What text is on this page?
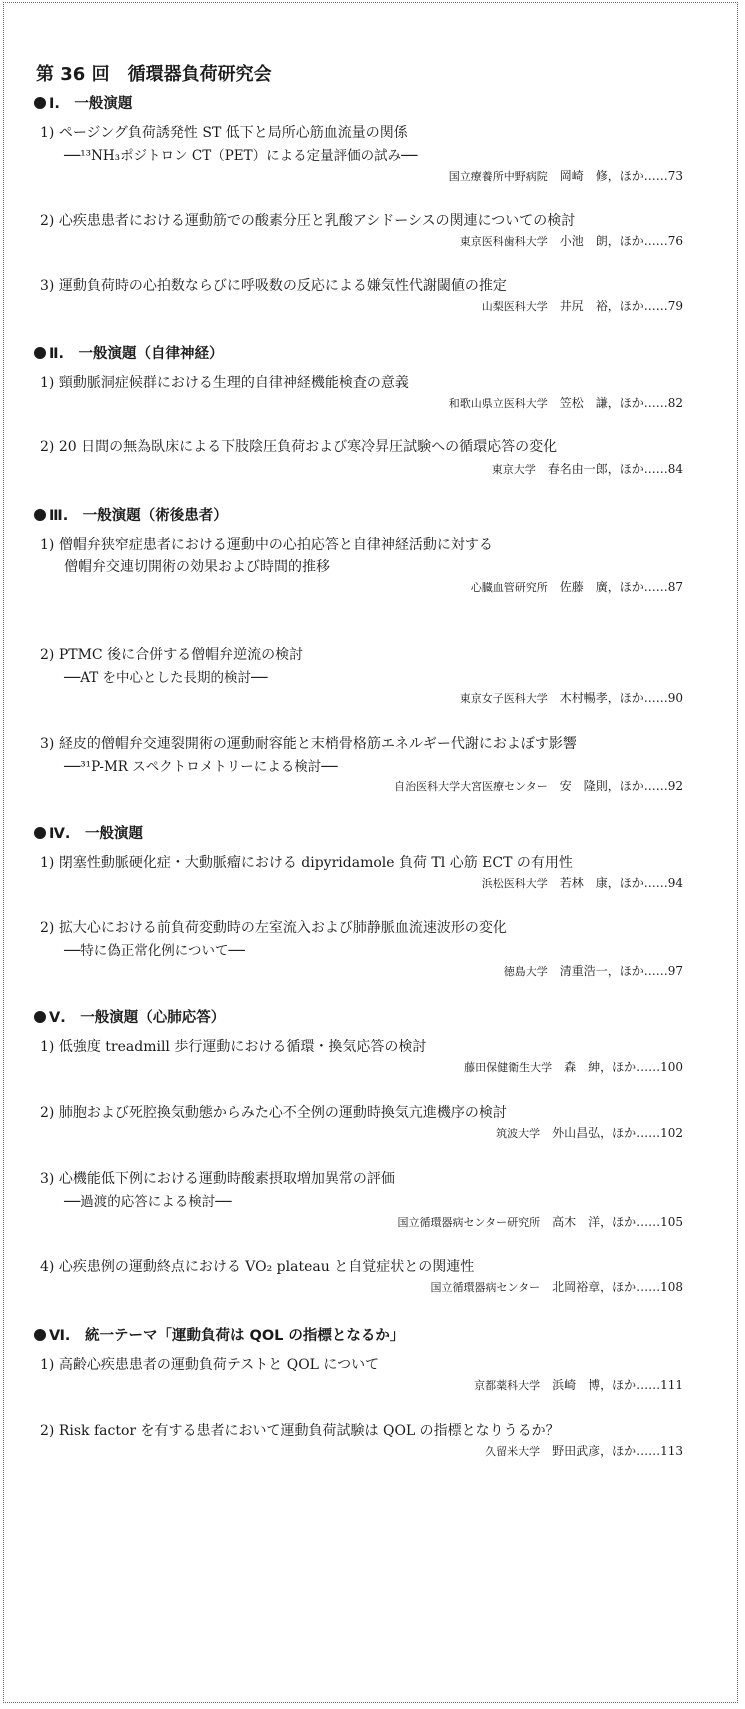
第 36 回　循環器負荷研究会
Ⅰ.　一般演題
1) ページング負荷誘発性 ST 低下と局所心筋血流量の関係
──¹³NH₃ポジトロン CT（PET）による定量評価の試み──
国立療養所中野病院 岡崎　修，ほか……73
2) 心疾患患者における運動筋での酸素分圧と乳酸アシドーシスの関連についての検討
東京医科歯科大学 小池　朗，ほか……76
3) 運動負荷時の心拍数ならびに呼吸数の反応による嫌気性代謝閾値の推定
山梨医科大学 井尻　裕，ほか……79
Ⅱ.　一般演題（自律神経）
1) 頸動脈洞症候群における生理的自律神経機能検査の意義
和歌山県立医科大学 笠松　謙，ほか……82
2) 20 日間の無為臥床による下肢陰圧負荷および寒冷昇圧試験への循環応答の変化
東京大学 春名由一郎，ほか……84
Ⅲ.　一般演題（術後患者）
1) 僧帽弁狭窄症患者における運動中の心拍応答と自律神経活動に対する
僧帽弁交連切開術の効果および時間的推移
心臓血管研究所 佐藤　廣，ほか……87
2) PTMC 後に合併する僧帽弁逆流の検討
──AT を中心とした長期的検討──
東京女子医科大学 木村暢孝，ほか……90
3) 経皮的僧帽弁交連裂開術の運動耐容能と末梢骨格筋エネルギー代謝におよぼす影響
──³¹P-MR スペクトロメトリーによる検討──
自治医科大学大宮医療センター 安　隆則，ほか……92
Ⅳ.　一般演題
1) 閉塞性動脈硬化症・大動脈瘤における dipyridamole 負荷 Tl 心筋 ECT の有用性
浜松医科大学 若林　康，ほか……94
2) 拡大心における前負荷変動時の左室流入および肺静脈血流速波形の変化
──特に偽正常化例について──
徳島大学 清重浩一，ほか……97
Ⅴ.　一般演題（心肺応答）
1) 低強度 treadmill 歩行運動における循環・換気応答の検討
藤田保健衛生大学 森　紳，ほか……100
2) 肺胞および死腔換気動態からみた心不全例の運動時換気亢進機序の検討
筑波大学 外山昌弘，ほか……102
3) 心機能低下例における運動時酸素摂取増加異常の評価
──過渡的応答による検討──
国立循環器病センター研究所 高木　洋，ほか……105
4) 心疾患例の運動終点における VO₂ plateau と自覚症状との関連性
国立循環器病センター 北岡裕章，ほか……108
Ⅵ.　統一テーマ「運動負荷は QOL の指標となるか」
1) 高齢心疾患患者の運動負荷テストと QOL について
京都薬科大学 浜崎　博，ほか……111
2) Risk factor を有する患者において運動負荷試験は QOL の指標となりうるか？
久留米大学 野田武彦，ほか……113
